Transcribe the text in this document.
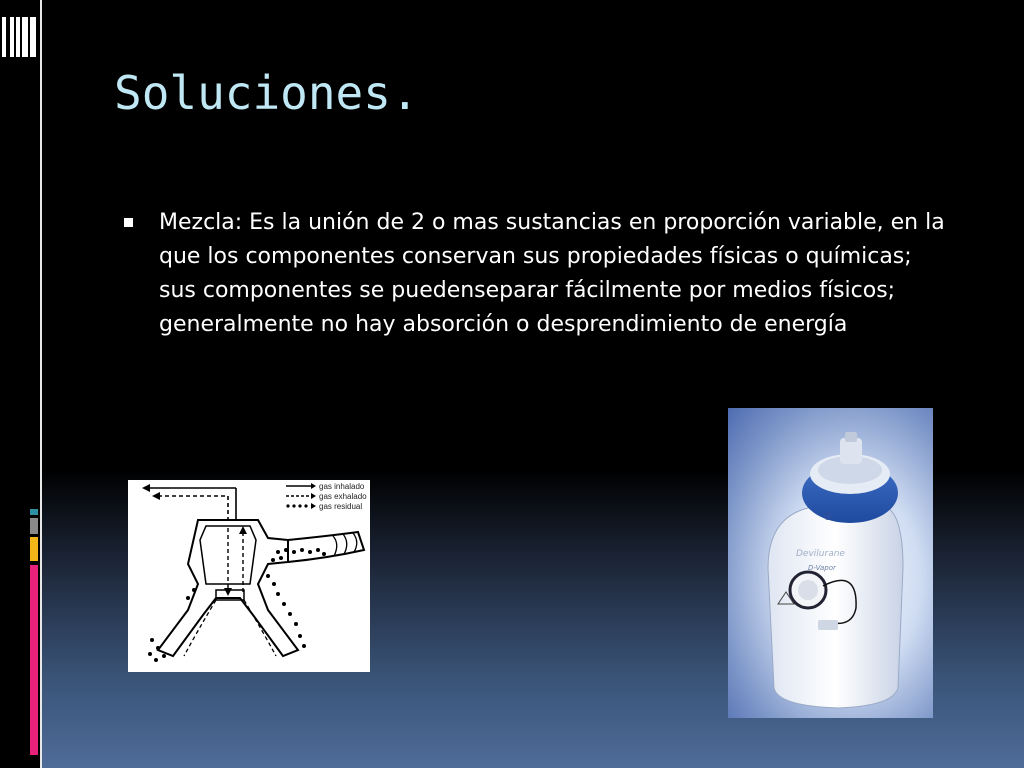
Soluciones.
Mezcla: Es la unión de 2 o mas sustancias en proporción variable, en la que los componentes conservan sus propiedades físicas o químicas; sus componentes se puedenseparar fácilmente por medios físicos; generalmente no hay absorción o desprendimiento de energía
gas inhalado
gas exhalado
gas residual
Devilurane
D-Vapor
